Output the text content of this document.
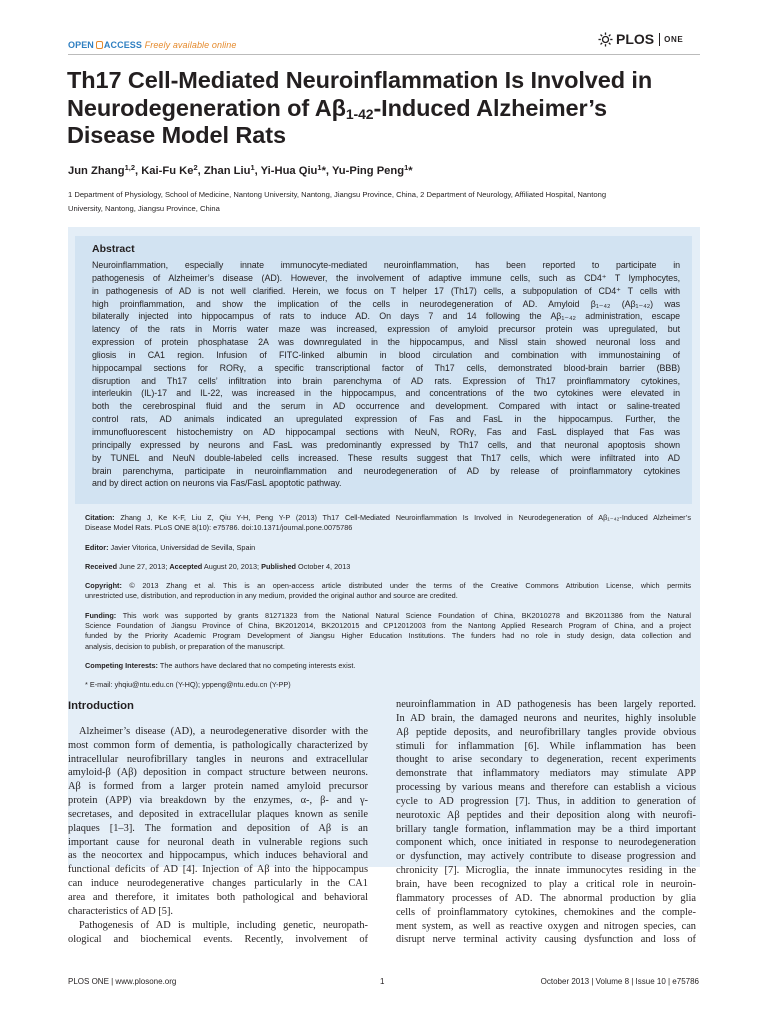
OPEN ACCESS Freely available online	PLOS ONE
Th17 Cell-Mediated Neuroinflammation Is Involved in
Neurodegeneration of $A\beta_{1-42}$-Induced Alzheimer’s
Disease Model Rats
Jun Zhang$^{1,2}$, Kai-Fu Ke$^2$, Zhan Liu$^1$, Yi-Hua Qiu$^1$*, Yu-Ping Peng$^1$*
1 Department of Physiology, School of Medicine, Nantong University, Nantong, Jiangsu Province, China, 2 Department of Neurology, Affiliated Hospital, Nantong
University, Nantong, Jiangsu Province, China
Abstract
Neuroinflammation, especially innate immunocyte-mediated neuroinflammation, has been reported to participate in
pathogenesis of Alzheimer’s disease (AD). However, the involvement of adaptive immune cells, such as CD4⁺ T lymphocytes,
in pathogenesis of AD is not well clarified. Herein, we focus on T helper 17 (Th17) cells, a subpopulation of CD4⁺ T cells with
high proinflammation, and show the implication of the cells in neurodegeneration of AD. Amyloid β₁₋₄₂ (Aβ₁₋₄₂) was
bilaterally injected into hippocampus of rats to induce AD. On days 7 and 14 following the Aβ₁₋₄₂ administration, escape
latency of the rats in Morris water maze was increased, expression of amyloid precursor protein was upregulated, but
expression of protein phosphatase 2A was downregulated in the hippocampus, and Nissl stain showed neuronal loss and
gliosis in CA1 region. Infusion of FITC-linked albumin in blood circulation and combination with immunostaining of
hippocampal sections for RORγ, a specific transcriptional factor of Th17 cells, demonstrated blood-brain barrier (BBB)
disruption and Th17 cells’ infiltration into brain parenchyma of AD rats. Expression of Th17 proinflammatory cytokines,
interleukin (IL)-17 and IL-22, was increased in the hippocampus, and concentrations of the two cytokines were elevated in
both the cerebrospinal fluid and the serum in AD occurrence and development. Compared with intact or saline-treated
control rats, AD animals indicated an upregulated expression of Fas and FasL in the hippocampus. Further, the
immunofluorescent histochemistry on AD hippocampal sections with NeuN, RORγ, Fas and FasL displayed that Fas was
principally expressed by neurons and FasL was predominantly expressed by Th17 cells, and that neuronal apoptosis shown
by TUNEL and NeuN double-labeled cells increased. These results suggest that Th17 cells, which were infiltrated into AD
brain parenchyma, participate in neuroinflammation and neurodegeneration of AD by release of proinflammatory cytokines
and by direct action on neurons via Fas/FasL apoptotic pathway.
Citation: Zhang J, Ke K-F, Liu Z, Qiu Y-H, Peng Y-P (2013) Th17 Cell-Mediated Neuroinflammation Is Involved in Neurodegeneration of Aβ₁₋₄₂-Induced Alzheimer’s
Disease Model Rats. PLoS ONE 8(10): e75786. doi:10.1371/journal.pone.0075786
Editor: Javier Vitorica, Universidad de Sevilla, Spain
Received June 27, 2013; Accepted August 20, 2013; Published October 4, 2013
Copyright: © 2013 Zhang et al. This is an open-access article distributed under the terms of the Creative Commons Attribution License, which permits
unrestricted use, distribution, and reproduction in any medium, provided the original author and source are credited.
Funding: This work was supported by grants 81271323 from the National Natural Science Foundation of China, BK2010278 and BK2011386 from the Natural
Science Foundation of Jiangsu Province of China, BK2012014, BK2012015 and CP12012003 from the Nantong Applied Research Program of China, and a project
funded by the Priority Academic Program Development of Jiangsu Higher Education Institutions. The funders had no role in study design, data collection and
analysis, decision to publish, or preparation of the manuscript.
Competing Interests: The authors have declared that no competing interests exist.
* E-mail: yhqiu@ntu.edu.cn (Y-HQ); yppeng@ntu.edu.cn (Y-PP)
Introduction
Alzheimer’s disease (AD), a neurodegenerative disorder with the
most common form of dementia, is pathologically characterized by
intracellular neurofibrillary tangles in neurons and extracellular
amyloid-β (Aβ) deposition in compact structure between neurons.
Aβ is formed from a larger protein named amyloid precursor
protein (APP) via breakdown by the enzymes, α-, β- and γ-
secretases, and deposited in extracellular plaques known as senile
plaques [1–3]. The formation and deposition of Aβ is an
important cause for neuronal death in vulnerable regions such
as the neocortex and hippocampus, which induces behavioral and
functional deficits of AD [4]. Injection of Aβ into the hippocampus
can induce neurodegenerative changes particularly in the CA1
area and therefore, it imitates both pathological and behavioral
characteristics of AD [5].
Pathogenesis of AD is multiple, including genetic, neuropath-
ological and biochemical events. Recently, involvement of
neuroinflammation in AD pathogenesis has been largely reported.
In AD brain, the damaged neurons and neurites, highly insoluble
Aβ peptide deposits, and neurofibrillary tangles provide obvious
stimuli for inflammation [6]. While inflammation has been
thought to arise secondary to degeneration, recent experiments
demonstrate that inflammatory mediators may stimulate APP
processing by various means and therefore can establish a vicious
cycle to AD progression [7]. Thus, in addition to generation of
neurotoxic Aβ peptides and their deposition along with neurofi-
brillary tangle formation, inflammation may be a third important
component which, once initiated in response to neurodegeneration
or dysfunction, may actively contribute to disease progression and
chronicity [7]. Microglia, the innate immunocytes residing in the
brain, have been recognized to play a critical role in neuroin-
flammatory processes of AD. The abnormal production by glia
cells of proinflammatory cytokines, chemokines and the comple-
ment system, as well as reactive oxygen and nitrogen species, can
disrupt nerve terminal activity causing dysfunction and loss of
PLOS ONE | www.plosone.org	1	October 2013 | Volume 8 | Issue 10 | e75786
